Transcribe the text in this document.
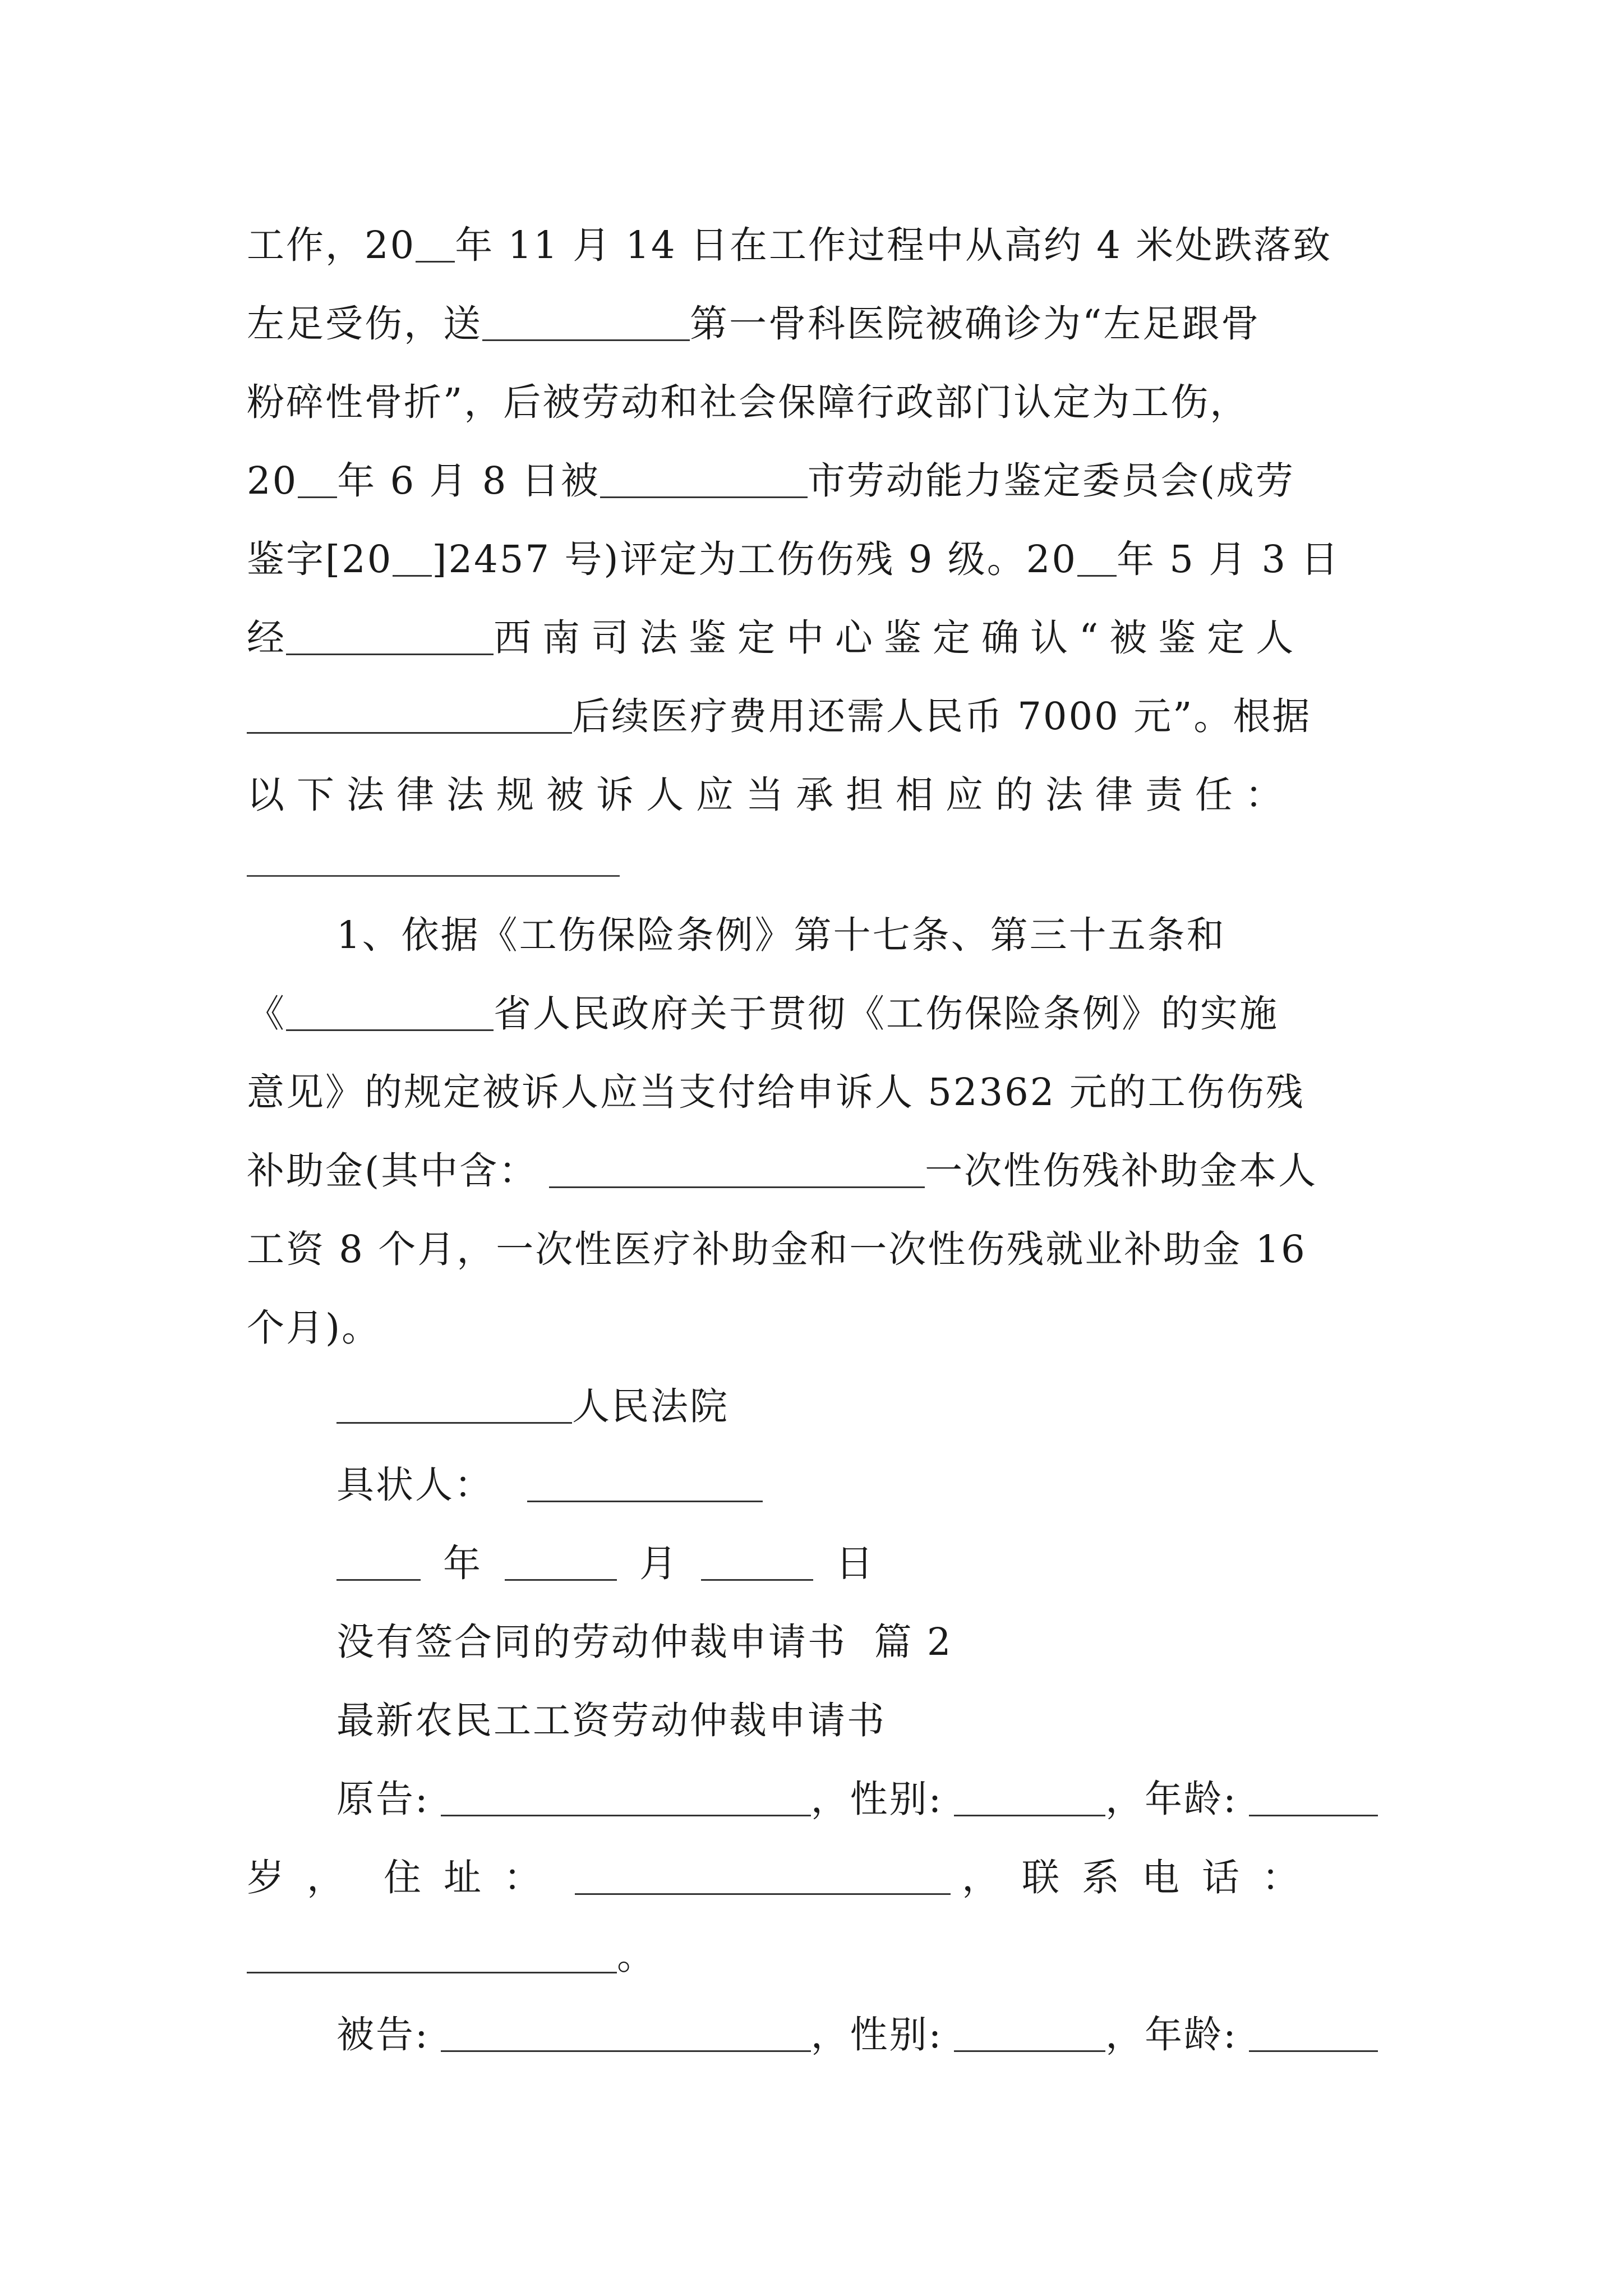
工作，20 年 11 月 14 日在工作过程中从高约 4 米处跌落致
左足受伤，送	第一骨科医院被确诊为“左足跟骨
粉碎性骨折”，后被劳动和社会保障行政部门认定为工伤，
20 年 6 月 8 日被	市劳动能力鉴定委员会(成劳
鉴字[20 ]2457 号)评定为工伤伤残 9 级。20 年 5 月 3 日
经	西南司法鉴定中心鉴定确认“被鉴定人
后续医疗费用还需人民币 7000 元”。根据
以下法律法规被诉人应当承担相应的法律责任：
1、依据《工伤保险条例》第十七条、第三十五条和
《	省人民政府关于贯彻《工伤保险条例》的实施
意见》的规定被诉人应当支付给申诉人 52362 元的工伤伤残
补助金(其中含：	一次性伤残补助金本人
工资 8 个月，一次性医疗补助金和一次性伤残就业补助金 16
个月)。
人民法院
具状人：
年	月	日
没有签合同的劳动仲裁申请书  篇 2
最新农民工工资劳动仲裁申请书
原告:	，性别:	，年龄:
岁， 住址：	，联系电话：
。
被告:	，性别:	，年龄:
